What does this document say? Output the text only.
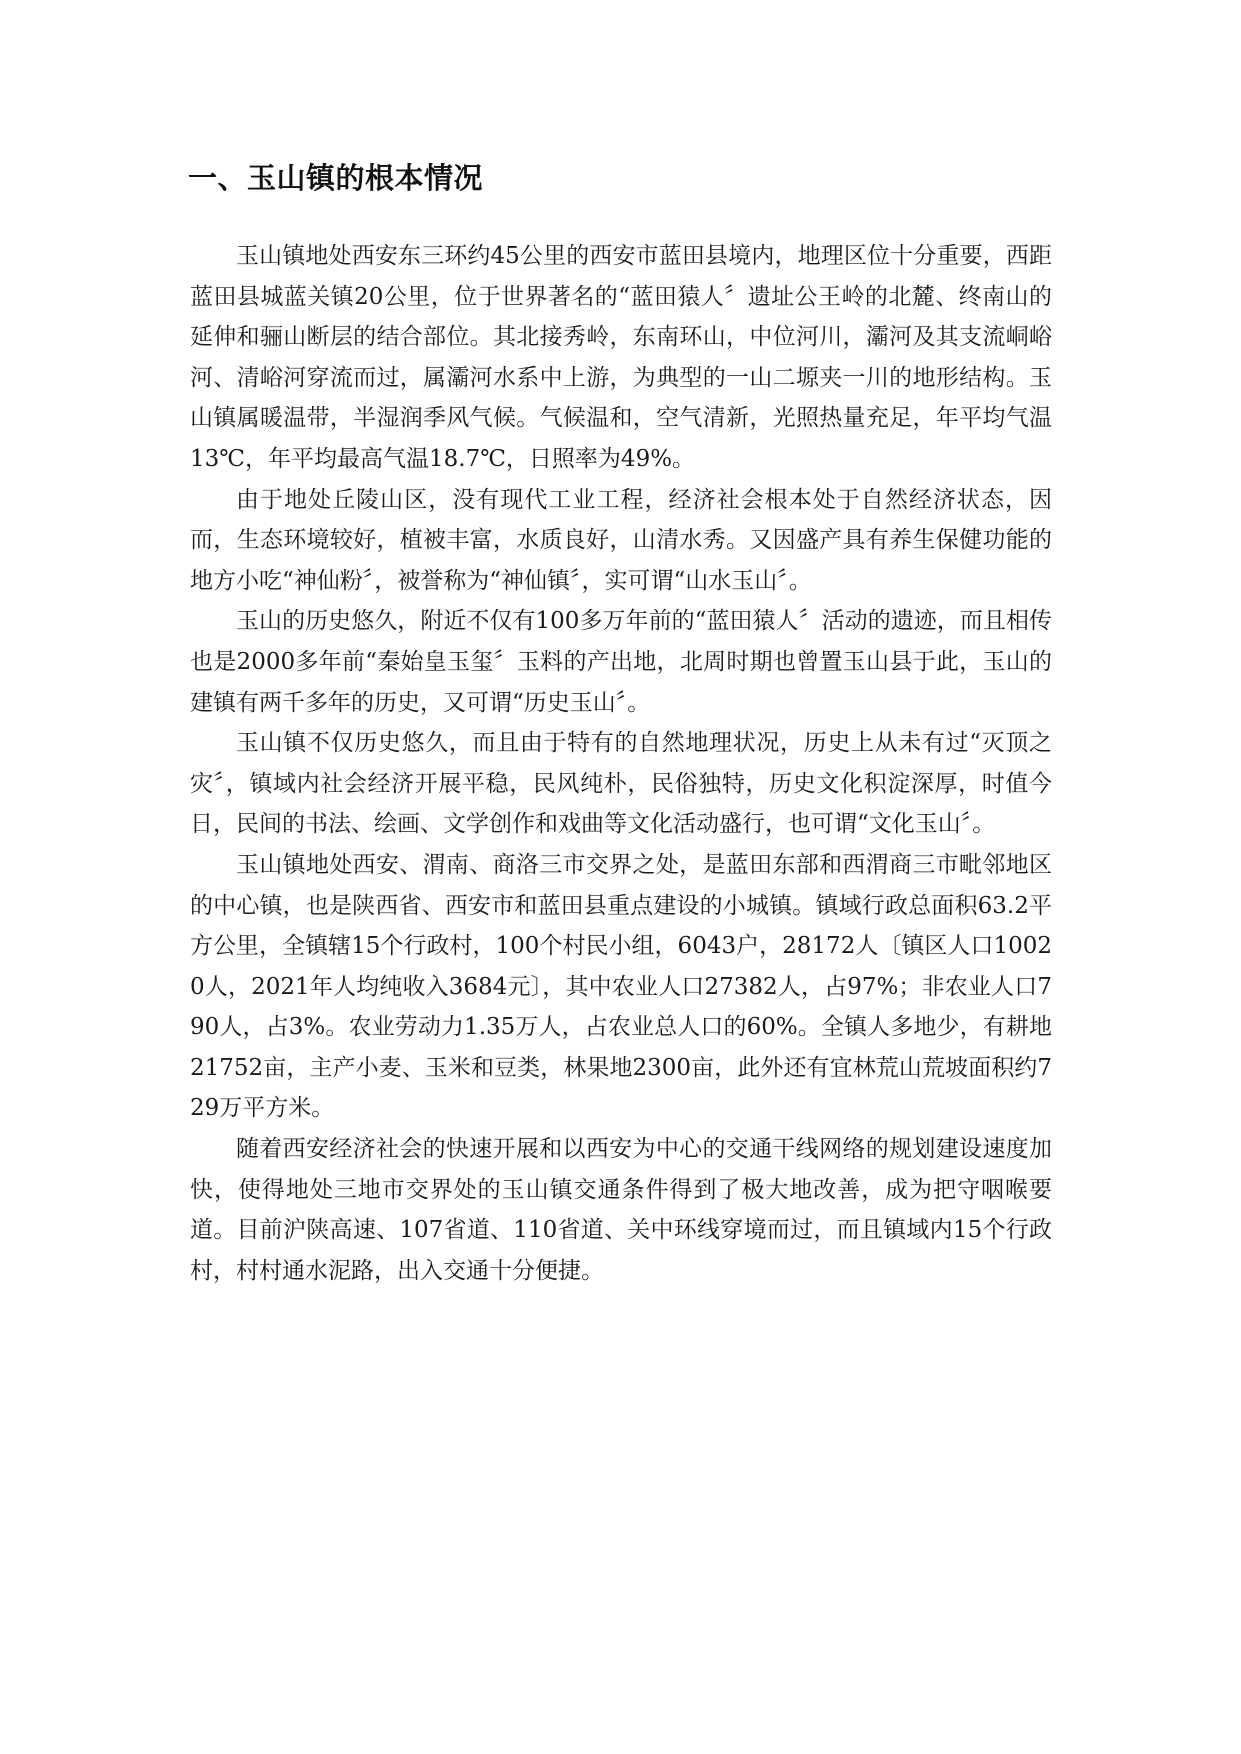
一、玉山镇的根本情况

玉山镇地处西安东三环约45公里的西安市蓝田县境内，地理区位十分重要，西距蓝田县城蓝关镇20公里，位于世界著名的“蓝田猿人〞遗址公王岭的北麓、终南山的延伸和骊山断层的结合部位。其北接秀岭，东南环山，中位河川，灞河及其支流峒峪河、清峪河穿流而过，属灞河水系中上游，为典型的一山二塬夹一川的地形结构。玉山镇属暖温带，半湿润季风气候。气候温和，空气清新，光照热量充足，年平均气温13℃，年平均最高气温18.7℃，日照率为49%。

由于地处丘陵山区，没有现代工业工程，经济社会根本处于自然经济状态，因而，生态环境较好，植被丰富，水质良好，山清水秀。又因盛产具有养生保健功能的地方小吃“神仙粉〞，被誉称为“神仙镇〞，实可谓“山水玉山〞。

玉山的历史悠久，附近不仅有100多万年前的“蓝田猿人〞活动的遗迹，而且相传也是2000多年前“秦始皇玉玺〞玉料的产出地，北周时期也曾置玉山县于此，玉山的建镇有两千多年的历史，又可谓“历史玉山〞。

玉山镇不仅历史悠久，而且由于特有的自然地理状况，历史上从未有过“灭顶之灾〞，镇域内社会经济开展平稳，民风纯朴，民俗独特，历史文化积淀深厚，时值今日，民间的书法、绘画、文学创作和戏曲等文化活动盛行，也可谓“文化玉山〞。

玉山镇地处西安、渭南、商洛三市交界之处，是蓝田东部和西渭商三市毗邻地区的中心镇，也是陕西省、西安市和蓝田县重点建设的小城镇。镇域行政总面积63.2平方公里，全镇辖15个行政村，100个村民小组，6043户，28172人〔镇区人口10020人，2021年人均纯收入3684元〕，其中农业人口27382人，占97%；非农业人口790人，占3%。农业劳动力1.35万人，占农业总人口的60%。全镇人多地少，有耕地21752亩，主产小麦、玉米和豆类，林果地2300亩，此外还有宜林荒山荒坡面积约729万平方米。

随着西安经济社会的快速开展和以西安为中心的交通干线网络的规划建设速度加快，使得地处三地市交界处的玉山镇交通条件得到了极大地改善，成为把守咽喉要道。目前沪陕高速、107省道、110省道、关中环线穿境而过，而且镇域内15个行政村，村村通水泥路，出入交通十分便捷。
